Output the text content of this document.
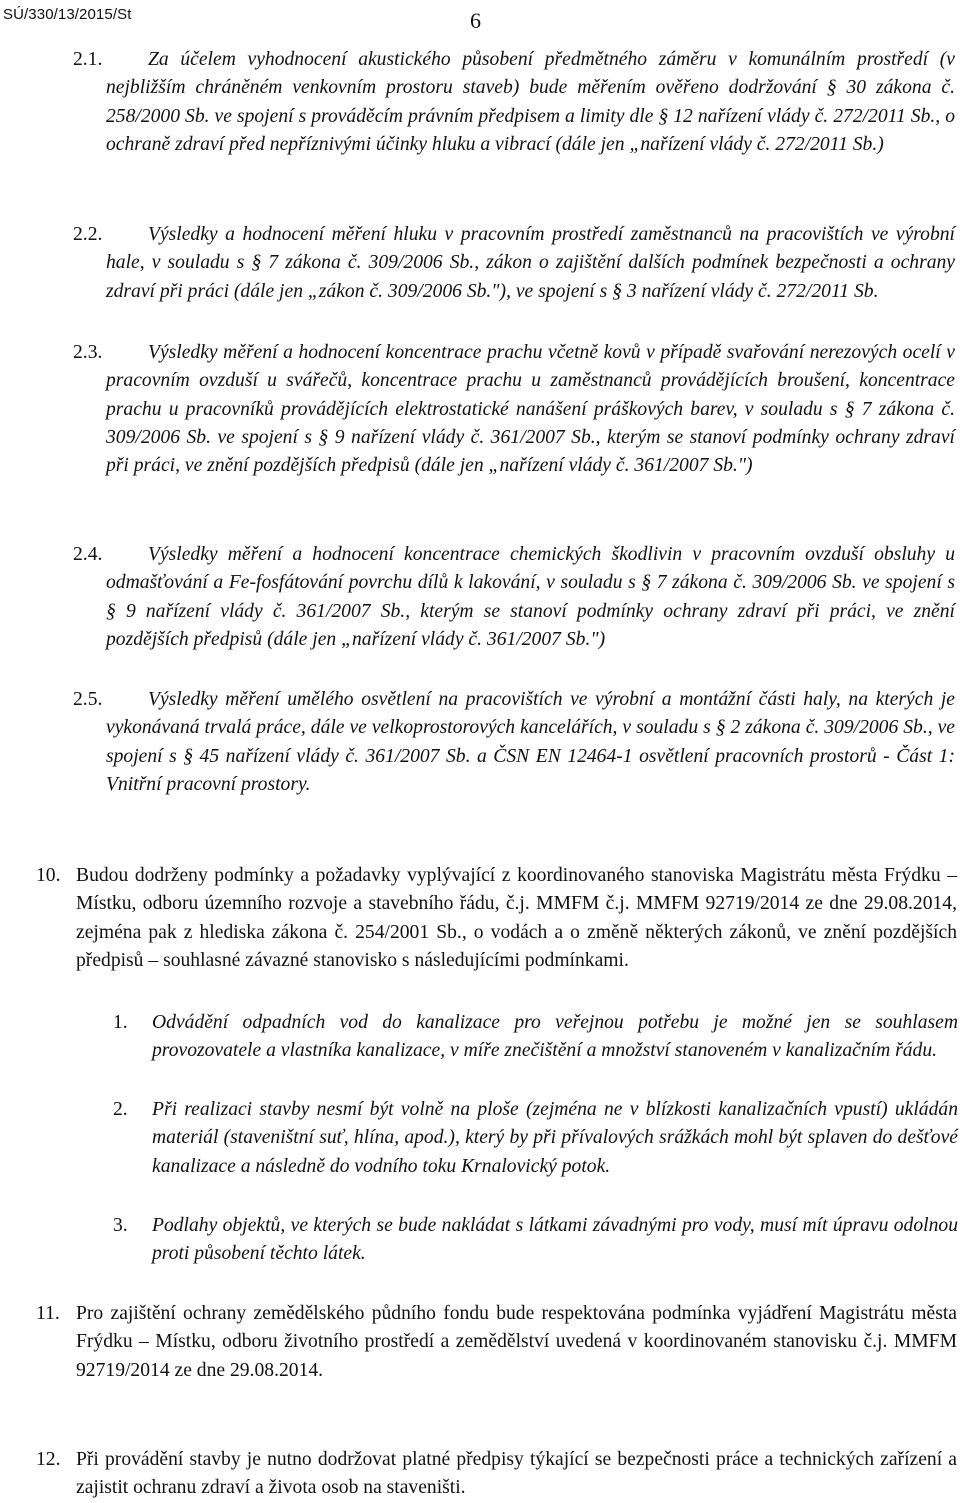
SÚ/330/13/2015/St	6
2.1.	Za účelem vyhodnocení akustického působení předmětného záměru v komunálním prostředí (v nejbližším chráněném venkovním prostoru staveb) bude měřením ověřeno dodržování § 30 zákona č. 258/2000 Sb. ve spojení s prováděcím právním předpisem a limity dle § 12 nařízení vlády č. 272/2011 Sb., o ochraně zdraví před nepříznivými účinky hluku a vibrací (dále jen „nařízení vlády č. 272/2011 Sb.)
2.2.	Výsledky a hodnocení měření hluku v pracovním prostředí zaměstnanců na pracovištích ve výrobní hale, v souladu s § 7 zákona č. 309/2006 Sb., zákon o zajištění dalších podmínek bezpečnosti a ochrany zdraví při práci (dále jen „zákon č. 309/2006 Sb."), ve spojení s § 3 nařízení vlády č. 272/2011 Sb.
2.3.	Výsledky měření a hodnocení koncentrace prachu včetně kovů v případě svařování nerezových ocelí v pracovním ovzduší u svářečů, koncentrace prachu u zaměstnanců provádějících broušení, koncentrace prachu u pracovníků provádějících elektrostatické nanášení práškových barev, v souladu s § 7 zákona č. 309/2006 Sb. ve spojení s § 9 nařízení vlády č. 361/2007 Sb., kterým se stanoví podmínky ochrany zdraví při práci, ve znění pozdějších předpisů (dále jen „nařízení vlády č. 361/2007 Sb.")
2.4.	Výsledky měření a hodnocení koncentrace chemických škodlivin v pracovním ovzduší obsluhy u odmašťování a Fe-fosfátování povrchu dílů k lakování, v souladu s § 7 zákona č. 309/2006 Sb. ve spojení s § 9 nařízení vlády č. 361/2007 Sb., kterým se stanoví podmínky ochrany zdraví při práci, ve znění pozdějších předpisů (dále jen „nařízení vlády č. 361/2007 Sb.")
2.5.	Výsledky měření umělého osvětlení na pracovištích ve výrobní a montážní části haly, na kterých je vykonávaná trvalá práce, dále ve velkoprostorových kancelářích, v souladu s § 2 zákona č. 309/2006 Sb., ve spojení s § 45 nařízení vlády č. 361/2007 Sb. a ČSN EN 12464-1 osvětlení pracovních prostorů - Část 1: Vnitřní pracovní prostory.
10. Budou dodrženy podmínky a požadavky vyplývající z koordinovaného stanoviska Magistrátu města Frýdku – Místku, odboru územního rozvoje a stavebního řádu, č.j. MMFM č.j. MMFM 92719/2014 ze dne 29.08.2014, zejména pak z hlediska zákona č. 254/2001 Sb., o vodách a o změně některých zákonů, ve znění pozdějších předpisů – souhlasné závazné stanovisko s následujícími podmínkami.
1. Odvádění odpadních vod do kanalizace pro veřejnou potřebu je možné jen se souhlasem provozovatele a vlastníka kanalizace, v míře znečištění a množství stanoveném v kanalizačním řádu.
2. Při realizaci stavby nesmí být volně na ploše (zejména ne v blízkosti kanalizačních vpustí) ukládán materiál (staveništní suť, hlína, apod.), který by při přívalových srážkách mohl být splaven do dešťové kanalizace a následně do vodního toku Krnalovický potok.
3. Podlahy objektů, ve kterých se bude nakládat s látkami závadnými pro vody, musí mít úpravu odolnou proti působení těchto látek.
11. Pro zajištění ochrany zemědělského půdního fondu bude respektována podmínka vyjádření Magistrátu města Frýdku – Místku, odboru životního prostředí a zemědělství uvedená v koordinovaném stanovisku č.j. MMFM 92719/2014 ze dne 29.08.2014.
12. Při provádění stavby je nutno dodržovat platné předpisy týkající se bezpečnosti práce a technických zařízení a zajistit ochranu zdraví a života osob na staveništi.
